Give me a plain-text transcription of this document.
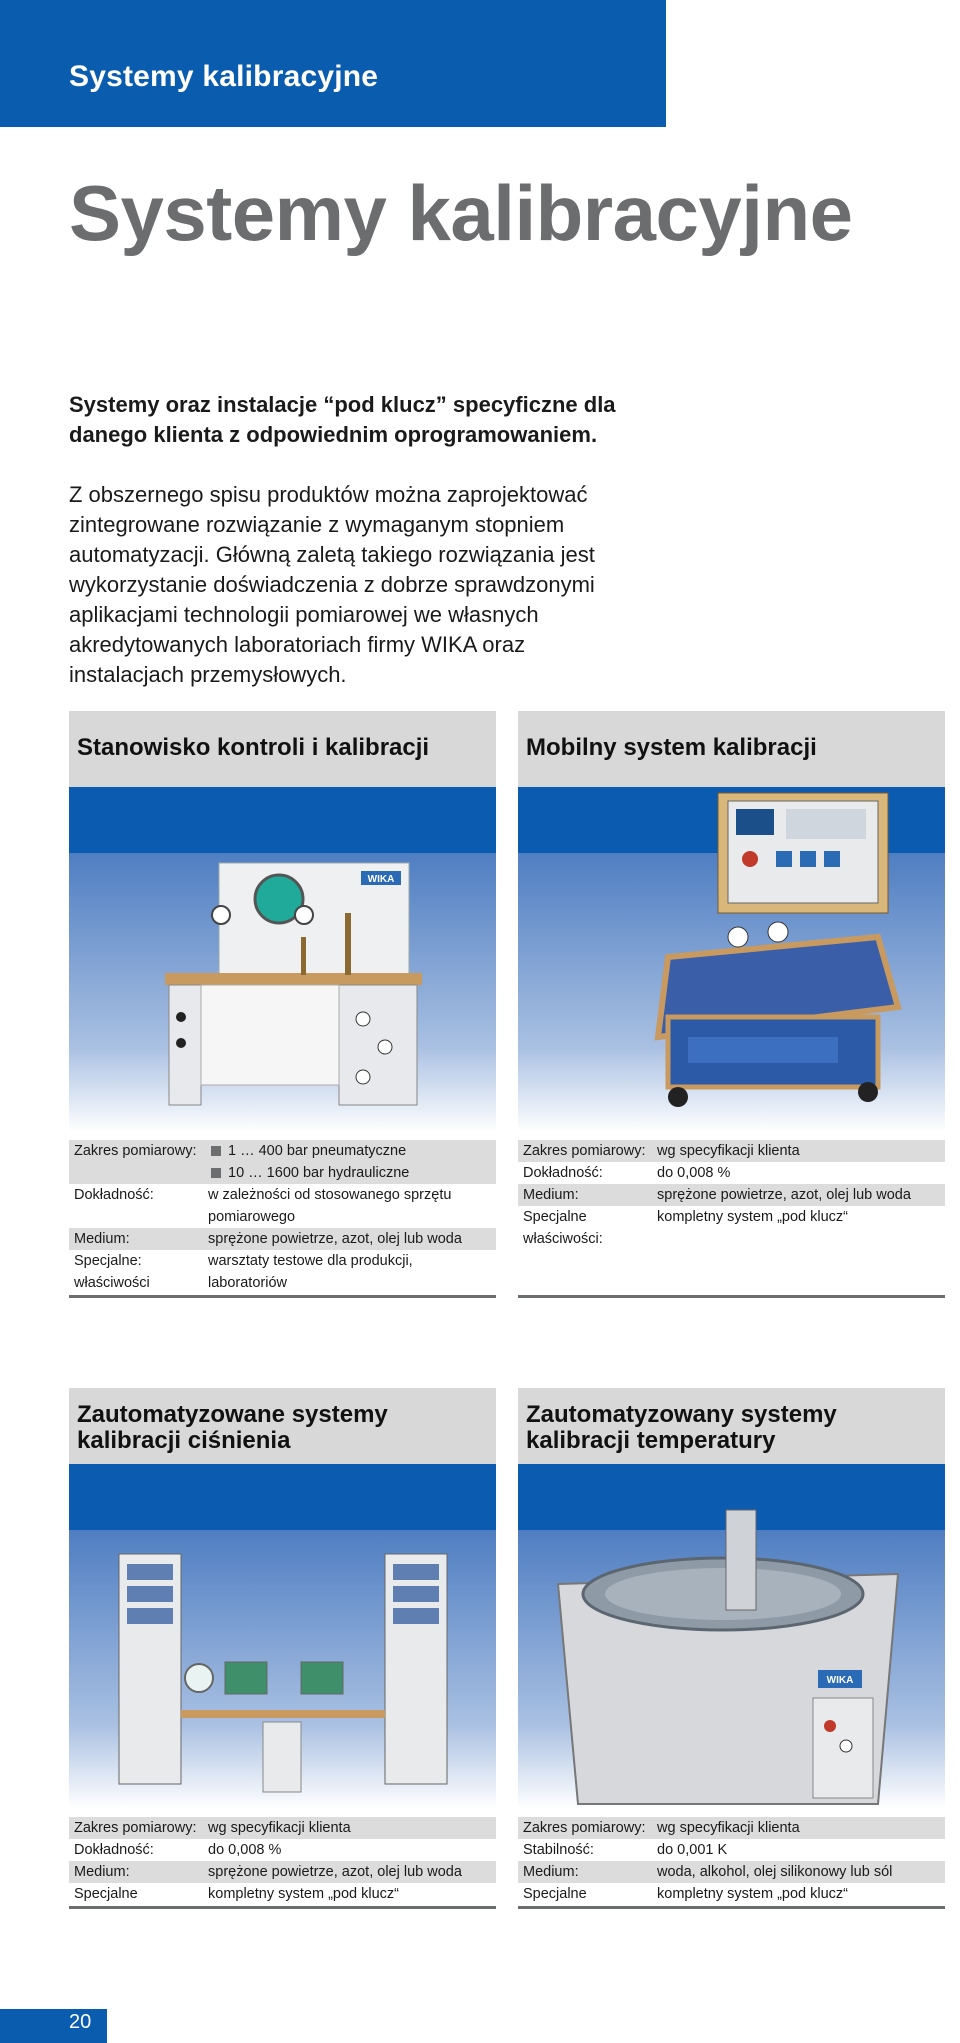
Systemy kalibracyjne
Systemy kalibracyjne
Systemy oraz instalacje “pod klucz” specyficzne dla danego klienta z odpowiednim oprogramowaniem.
Z obszernego spisu produktów można zaprojektować
zintegrowane rozwiązanie z wymaganym stopniem
automatyzacji. Główną zaletą takiego rozwiązania jest
wykorzystanie doświadczenia z dobrze sprawdzonymi
aplikacjami technologii pomiarowej we własnych
akredytowanych laboratoriach firmy WIKA oraz
instalacjach przemysłowych.
Stanowisko kontroli i kalibracji
WIKA
Zakres pomiarowy:	1 … 400 bar pneumatyczne
10 … 1600 bar hydrauliczne
Dokładność:	w zależności od stosowanego sprzętu
pomiarowego
Medium:	sprężone powietrze, azot, olej lub woda
Specjalne:	warsztaty testowe dla produkcji,
właściwości	laboratoriów
Mobilny system kalibracji
Zakres pomiarowy: wg specyfikacji klienta
Dokładność:	do 0,008 %
Medium:	sprężone powietrze, azot, olej lub woda
Specjalne	kompletny system „pod klucz“
właściwości:
Zautomatyzowane systemy
kalibracji ciśnienia
Zakres pomiarowy: wg specyfikacji klienta
Dokładność:	do 0,008 %
Medium:	sprężone powietrze, azot, olej lub woda
Specjalne	kompletny system „pod klucz“
Zautomatyzowany systemy
kalibracji temperatury
WIKA
Zakres pomiarowy: wg specyfikacji klienta
Stabilność:	do 0,001 K
Medium:	woda, alkohol, olej silikonowy lub sól
Specjalne	kompletny system „pod klucz“
20
